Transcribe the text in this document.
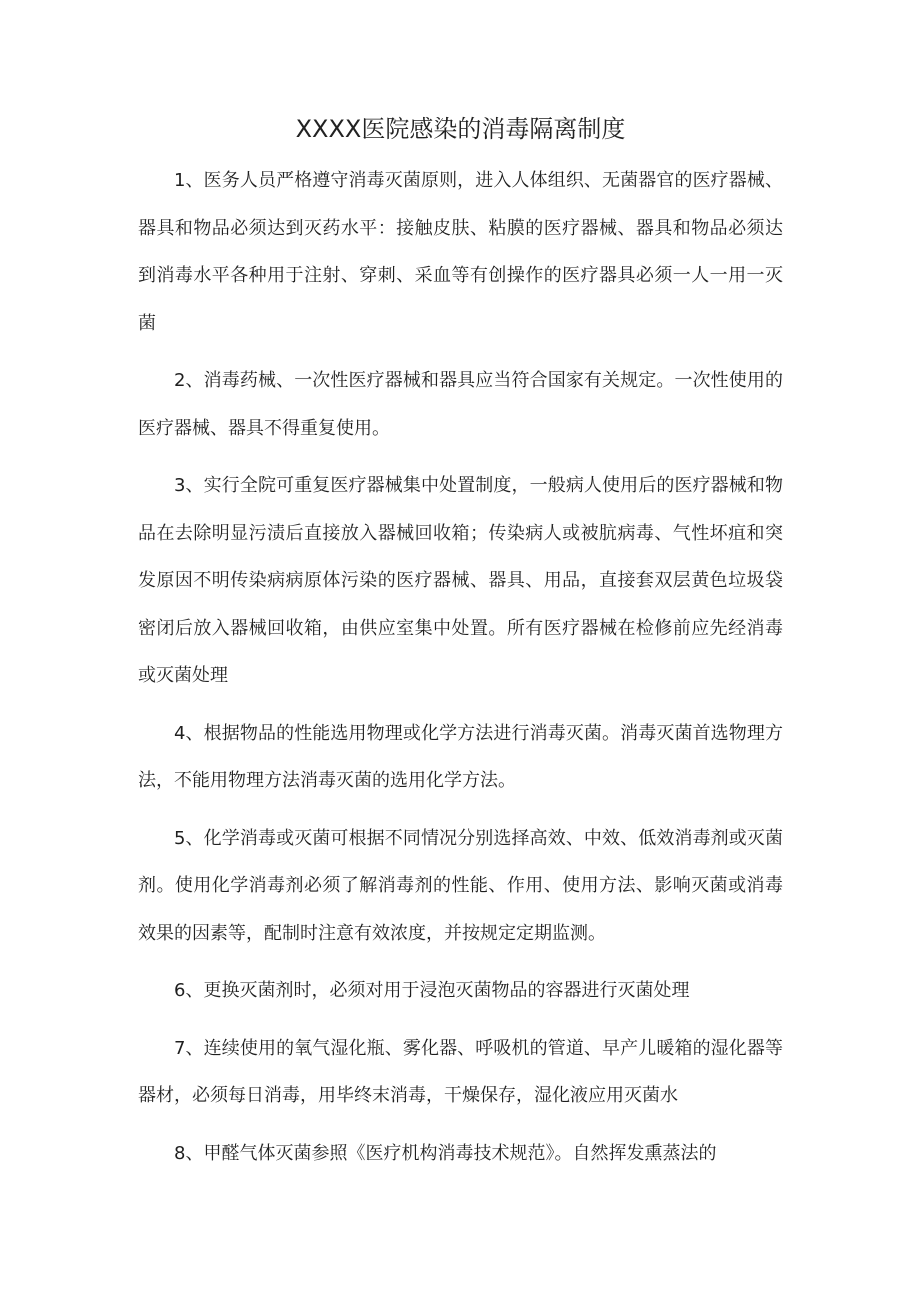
XXXX医院感染的消毒隔离制度

1、医务人员严格遵守消毒灭菌原则，进入人体组织、无菌器官的医疗器械、器具和物品必须达到灭药水平：接触皮肤、粘膜的医疗器械、器具和物品必须达到消毒水平各种用于注射、穿刺、采血等有创操作的医疗器具必须一人一用一灭菌

2、消毒药械、一次性医疗器械和器具应当符合国家有关规定。一次性使用的医疗器械、器具不得重复使用。

3、实行全院可重复医疗器械集中处置制度，一般病人使用后的医疗器械和物品在去除明显污渍后直接放入器械回收箱；传染病人或被肮病毒、气性坏疽和突发原因不明传染病病原体污染的医疗器械、器具、用品，直接套双层黄色垃圾袋密闭后放入器械回收箱，由供应室集中处置。所有医疗器械在检修前应先经消毒或灭菌处理

4、根据物品的性能选用物理或化学方法进行消毒灭菌。消毒灭菌首选物理方法，不能用物理方法消毒灭菌的选用化学方法。

5、化学消毒或灭菌可根据不同情况分别选择高效、中效、低效消毒剂或灭菌剂。使用化学消毒剂必须了解消毒剂的性能、作用、使用方法、影响灭菌或消毒效果的因素等，配制时注意有效浓度，并按规定定期监测。

6、更换灭菌剂时，必须对用于浸泡灭菌物品的容器进行灭菌处理

7、连续使用的氧气湿化瓶、雾化器、呼吸机的管道、早产儿暖箱的湿化器等器材，必须每日消毒，用毕终末消毒，干燥保存，湿化液应用灭菌水

8、甲醛气体灭菌参照《医疗机构消毒技术规范》。自然挥发熏蒸法的
